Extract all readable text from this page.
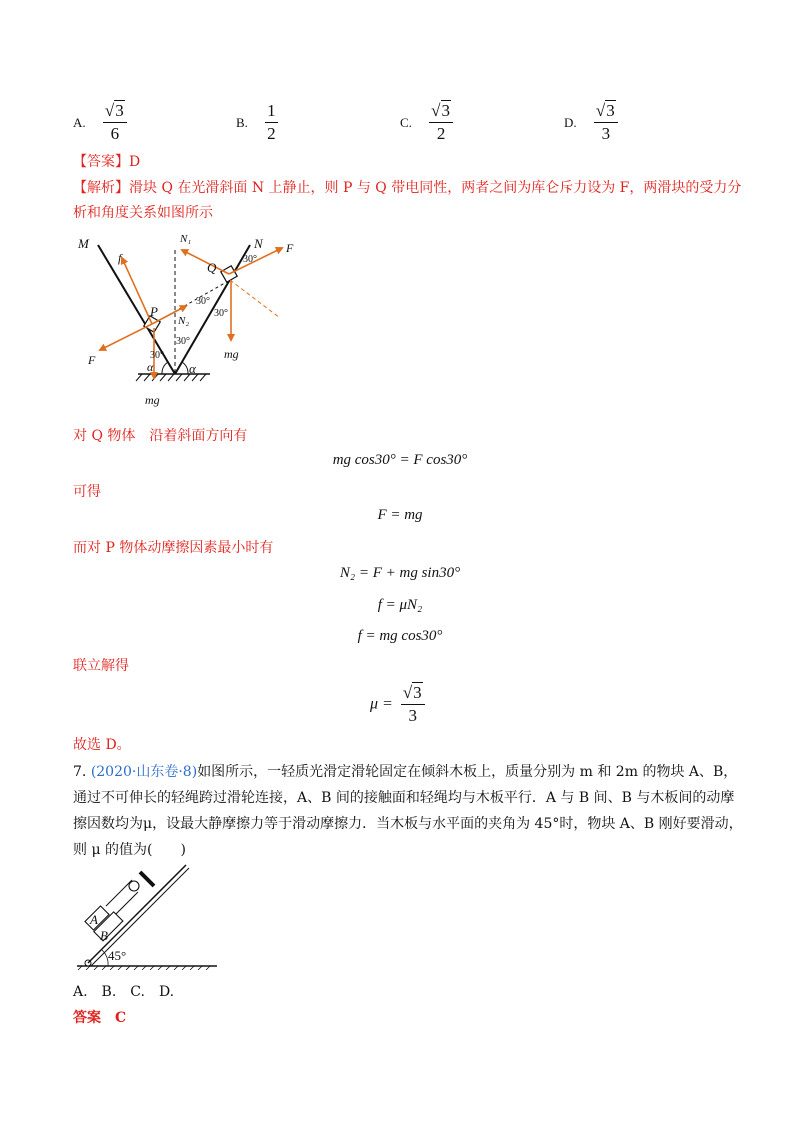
A. $\frac{√3}{6}$	B. $\frac{1}{2}$	C. $\frac{√3}{2}$	D. $\frac{√3}{3}$
【答案】D
【解析】滑块 Q 在光滑斜面 N 上静止，则 P 与 Q 带电同性，两者之间为库仑斥力设为 F，两滑块的受力分
析和角度关系如图所示
M	N
N₁
N₂
P
Q
f
F
F
mg
mg
α
α
30°
30°
30°
30°
30°
对 Q 物体　沿着斜面方向有
mg cos30° = F cos30°
可得
F = mg
而对 P 物体动摩擦因素最小时有
N₂ = F + mg sin30°
f = μN₂
f = mg cos30°
联立解得
$\mu = \frac{√3}{3}$
故选 D。
7. (2020·山东卷·8)如图所示，一轻质光滑定滑轮固定在倾斜木板上，质量分别为 m 和 2m 的物块 A、B，
通过不可伸长的轻绳跨过滑轮连接，A、B 间的接触面和轻绳均与木板平行．A 与 B 间、B 与木板间的动摩
擦因数均为μ，设最大静摩擦力等于滑动摩擦力．当木板与水平面的夹角为 45°时，物块 A、B 刚好要滑动，
则 μ 的值为(　　)
A
B
45°
A.　B.　C.　D.
答案　C
